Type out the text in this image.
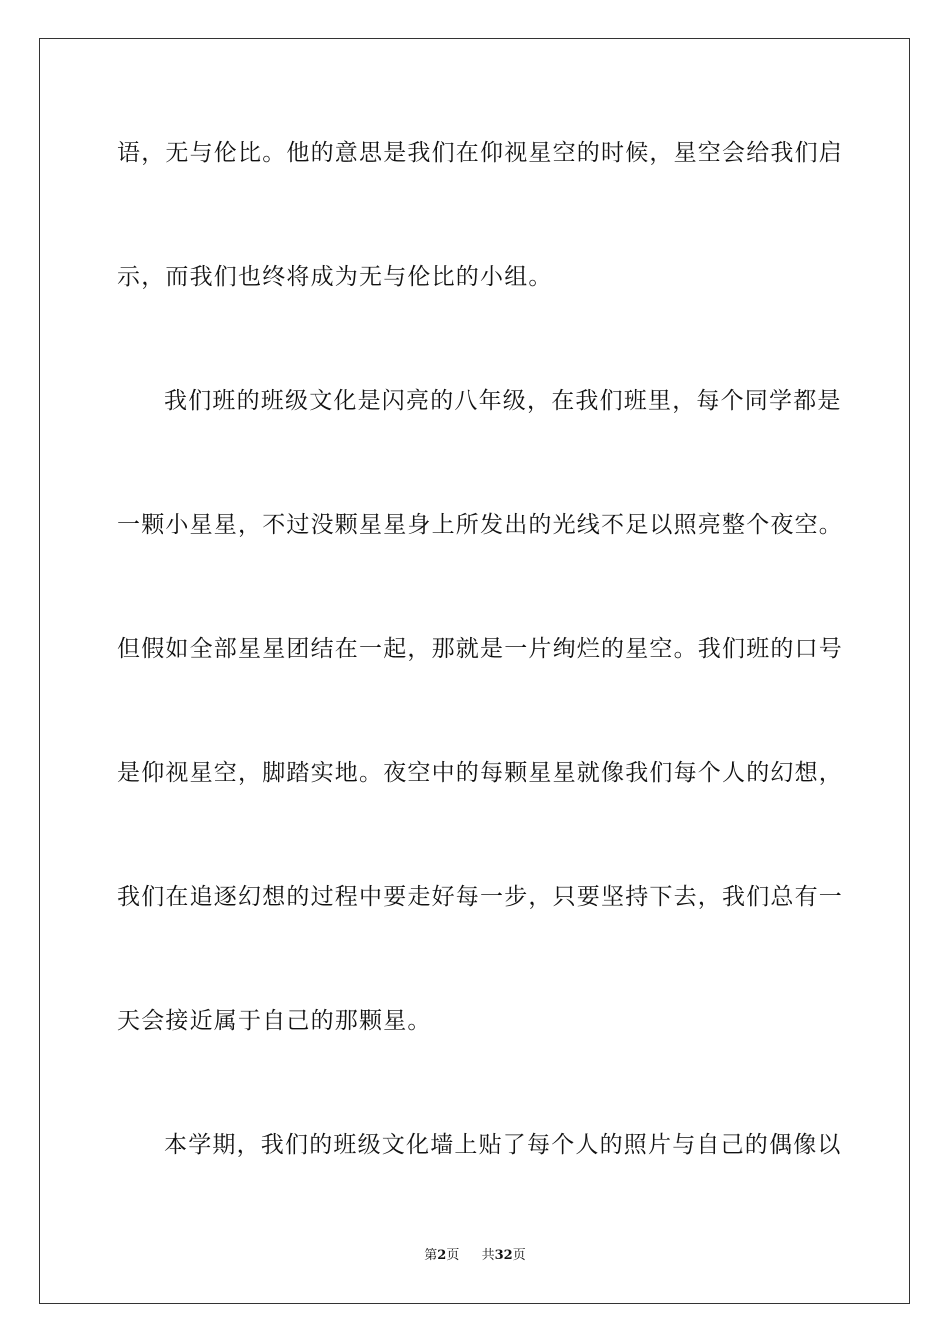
语，无与伦比。他的意思是我们在仰视星空的时候，星空会给我们启
示，而我们也终将成为无与伦比的小组。
我们班的班级文化是闪亮的八年级，在我们班里，每个同学都是
一颗小星星，不过没颗星星身上所发出的光线不足以照亮整个夜空。
但假如全部星星团结在一起，那就是一片绚烂的星空。我们班的口号
是仰视星空，脚踏实地。夜空中的每颗星星就像我们每个人的幻想，
我们在追逐幻想的过程中要走好每一步，只要坚持下去，我们总有一
天会接近属于自己的那颗星。
本学期，我们的班级文化墙上贴了每个人的照片与自己的偶像以
第2页 共32页
